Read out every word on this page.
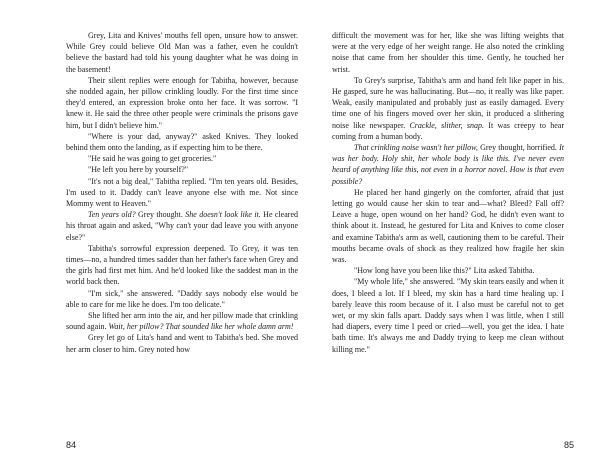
Grey, Lita and Knives' mouths fell open, unsure how to answer. While Grey could believe Old Man was a father, even he couldn't believe the bastard had told his young daughter what he was doing in the basement!

Their silent replies were enough for Tabitha, however, because she nodded again, her pillow crinkling loudly. For the first time since they'd entered, an expression broke onto her face. It was sorrow. "I knew it. He said the three other people were criminals the prisons gave him, but I didn't believe him."

"Where is your dad, anyway?" asked Knives. They looked behind them onto the landing, as if expecting him to be there.

"He said he was going to get groceries."

"He left you here by yourself?"

"It's not a big deal," Tabitha replied. "I'm ten years old. Besides, I'm used to it. Daddy can't leave anyone else with me. Not since Mommy went to Heaven."

Ten years old? Grey thought. She doesn't look like it. He cleared his throat again and asked, "Why can't your dad leave you with anyone else?"

Tabitha's sorrowful expression deepened. To Grey, it was ten times—no, a hundred times sadder than her father's face when Grey and the girls had first met him. And he'd looked like the saddest man in the world back then.

"I'm sick," she answered. "Daddy says nobody else would be able to care for me like he does. I'm too delicate."

She lifted her arm into the air, and her pillow made that crinkling sound again. Wait, her pillow? That sounded like her whole damn arm!

Grey let go of Lita's hand and went to Tabitha's bed. She moved her arm closer to him. Grey noted how

difficult the movement was for her, like she was lifting weights that were at the very edge of her weight range. He also noted the crinkling noise that came from her shoulder this time. Gently, he touched her wrist.

To Grey's surprise, Tabitha's arm and hand felt like paper in his. He gasped, sure he was hallucinating. But—no, it really was like paper. Weak, easily manipulated and probably just as easily damaged. Every time one of his fingers moved over her skin, it produced a slithering noise like newspaper. Crackle, slither, snap. It was creepy to hear coming from a human body.

That crinkling noise wasn't her pillow, Grey thought, horrified. It was her body. Holy shit, her whole body is like this. I've never even heard of anything like this, not even in a horror novel. How is that even possible?

He placed her hand gingerly on the comforter, afraid that just letting go would cause her skin to tear and—what? Bleed? Fall off? Leave a huge, open wound on her hand? God, he didn't even want to think about it. Instead, he gestured for Lita and Knives to come closer and examine Tabitha's arm as well, cautioning them to be careful. Their mouths became ovals of shock as they realized how fragile her skin was.

"How long have you been like this?" Lita asked Tabitha.

"My whole life," she answered. "My skin tears easily and when it does, I bleed a lot. If I bleed, my skin has a hard time healing up. I barely leave this room because of it. I also must be careful not to get wet, or my skin falls apart. Daddy says when I was little, when I still had diapers, every time I peed or cried—well, you get the idea. I hate bath time. It's always me and Daddy trying to keep me clean without killing me."

84	85
